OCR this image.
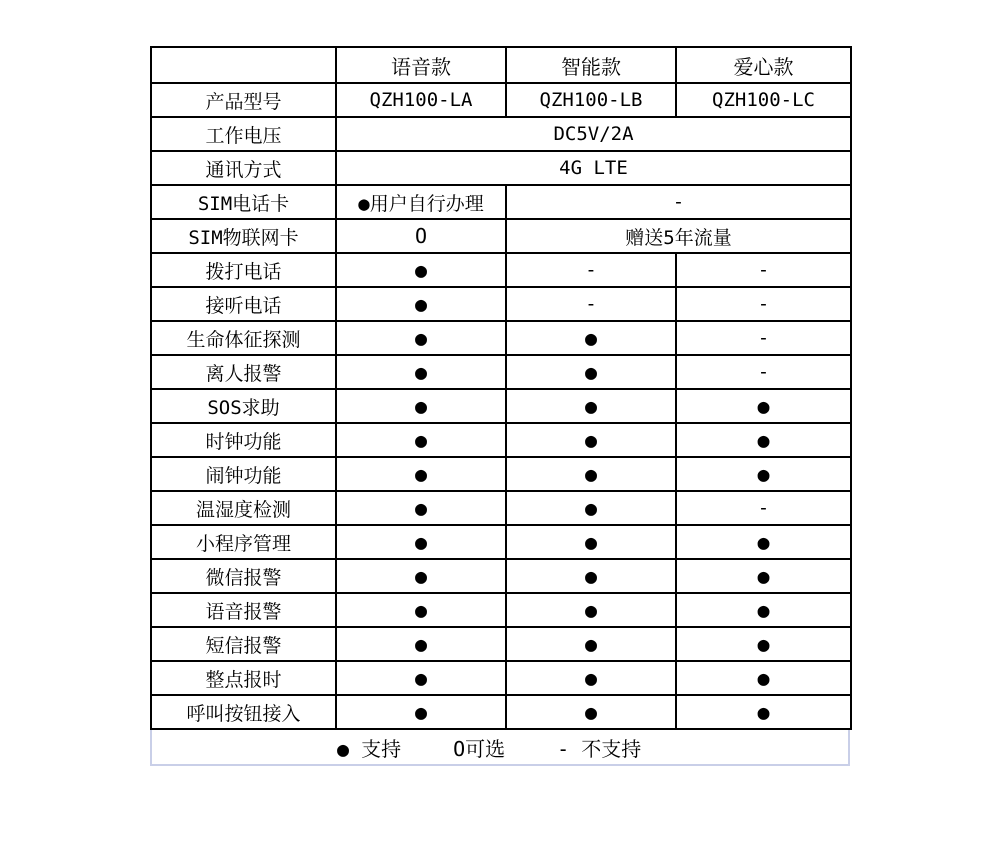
	语音款	智能款	爱心款
产品型号	QZH100-LA	QZH100-LB	QZH100-LC
工作电压	DC5V/2A		
通讯方式	4G LTE		
SIM电话卡	●用户自行办理	-	
SIM物联网卡	O	赠送5年流量	
拨打电话	●	-	-
接听电话	●	-	-
生命体征探测	●	●	-
离人报警	●	●	-
SOS求助	●	●	●
时钟功能	●	●	●
闹钟功能	●	●	●
温湿度检测	●	●	-
小程序管理	●	●	●
微信报警	●	●	●
语音报警	●	●	●
短信报警	●	●	●
整点报时	●	●	●
呼叫按钮接入	●	●	●
● 支持	O可选	- 不支持
